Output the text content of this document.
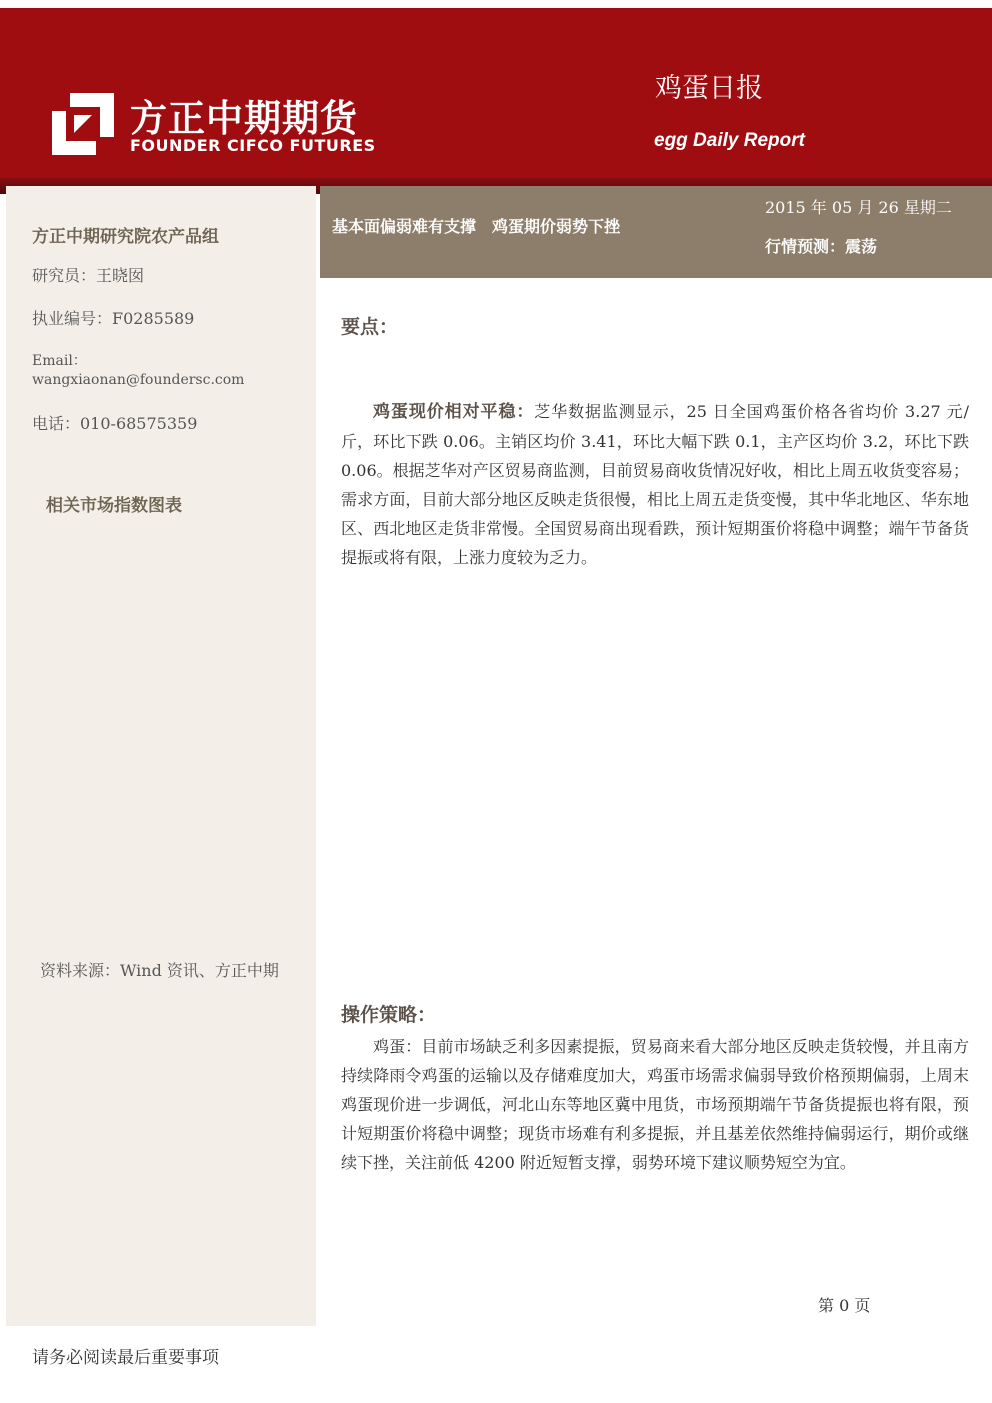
方正中期期货
FOUNDER CIFCO FUTURES
鸡蛋日报
egg Daily Report
方正中期研究院农产品组
研究员：王晓囡
执业编号：F0285589
Email：
wangxiaonan@foundersc.com
电话：010-68575359
相关市场指数图表
资料来源：Wind 资讯、方正中期
基本面偏弱难有支撑　鸡蛋期价弱势下挫
2015 年 05 月 26 星期二
行情预测：震荡
要点：

鸡蛋现价相对平稳：芝华数据监测显示，25 日全国鸡蛋价格各省均价 3.27 元/斤，环比下跌 0.06。主销区均价 3.41，环比大幅下跌 0.1，主产区均价 3.2，环比下跌 0.06。根据芝华对产区贸易商监测，目前贸易商收货情况好收，相比上周五收货变容易；需求方面，目前大部分地区反映走货很慢，相比上周五走货变慢，其中华北地区、华东地区、西北地区走货非常慢。全国贸易商出现看跌，预计短期蛋价将稳中调整；端午节备货提振或将有限，上涨力度较为乏力。

操作策略：

鸡蛋：目前市场缺乏利多因素提振，贸易商来看大部分地区反映走货较慢，并且南方持续降雨令鸡蛋的运输以及存储难度加大，鸡蛋市场需求偏弱导致价格预期偏弱，上周末鸡蛋现价进一步调低，河北山东等地区冀中甩货，市场预期端午节备货提振也将有限，预计短期蛋价将稳中调整；现货市场难有利多提振，并且基差依然维持偏弱运行，期价或继续下挫，关注前低 4200 附近短暂支撑，弱势环境下建议顺势短空为宜。

第 0 页
请务必阅读最后重要事项
